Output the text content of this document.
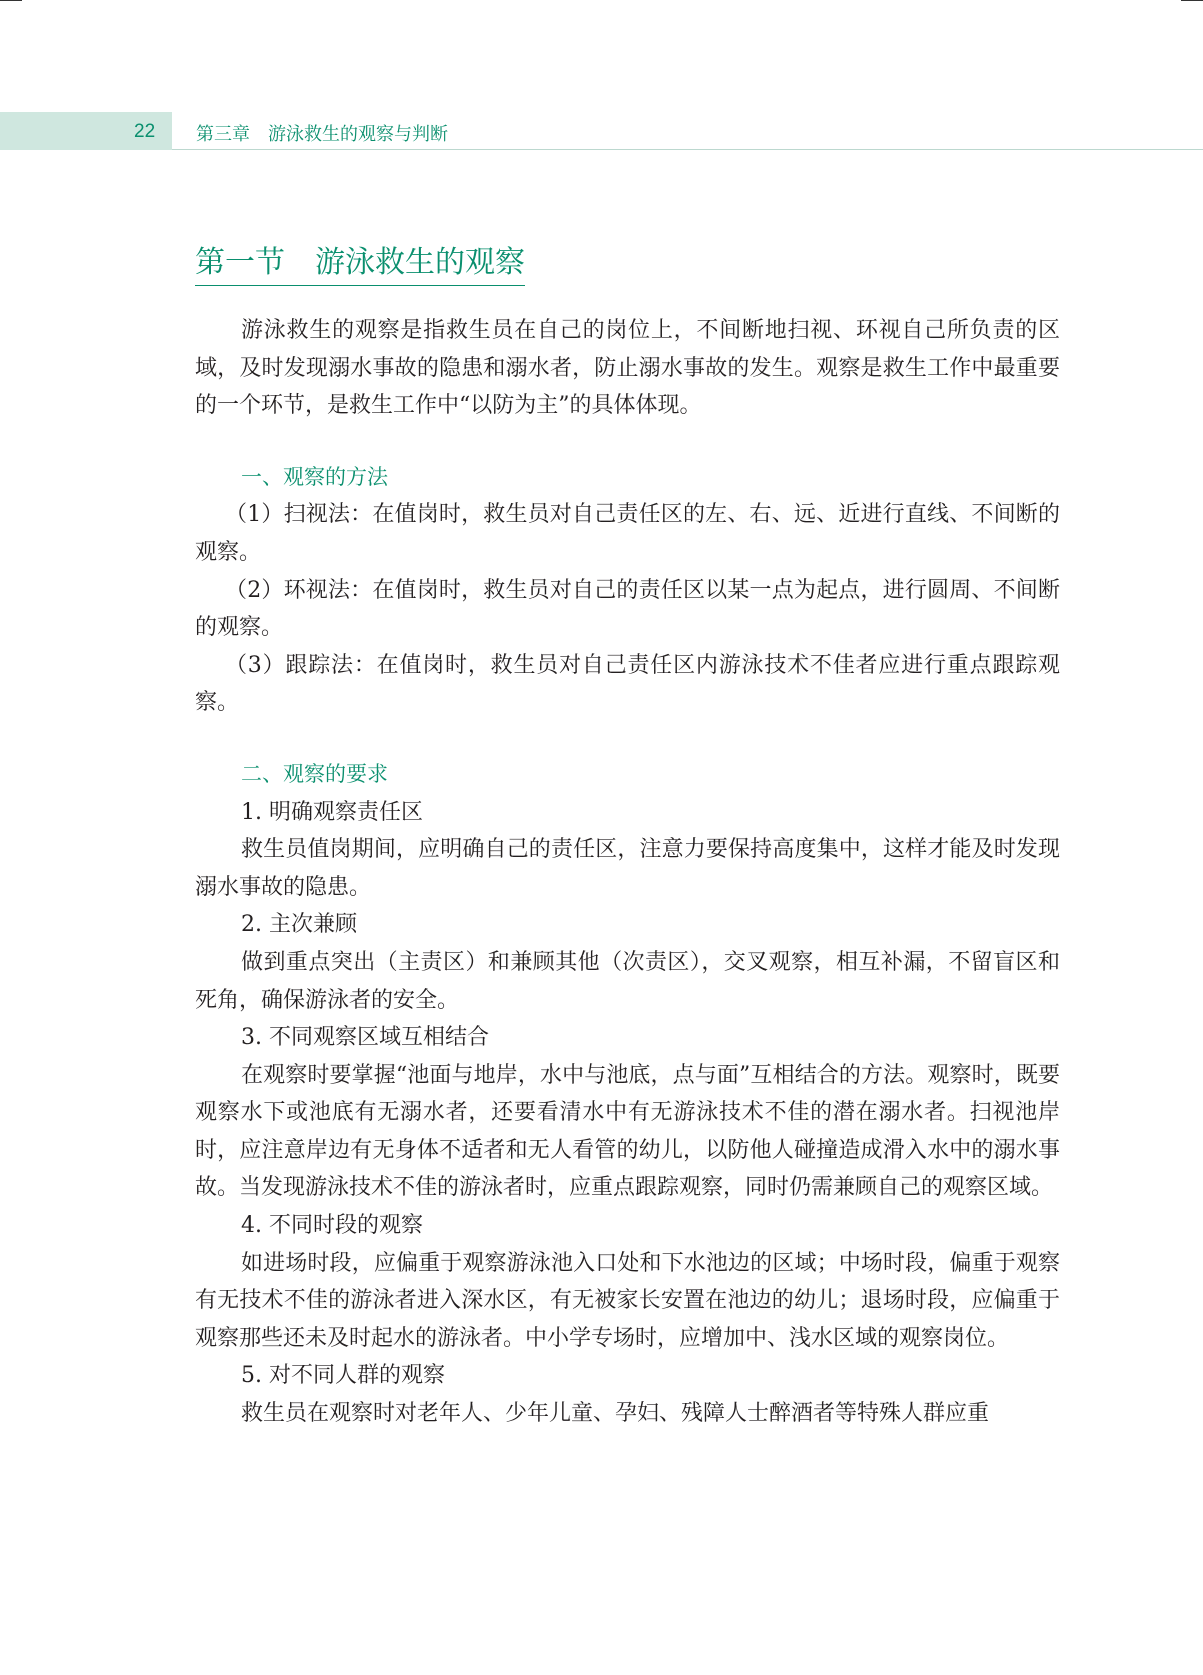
22 第三章　游泳救生的观察与判断
第一节　游泳救生的观察

游泳救生的观察是指救生员在自己的岗位上，不间断地扫视、环视自己所负责的区域，及时发现溺水事故的隐患和溺水者，防止溺水事故的发生。观察是救生工作中最重要的一个环节，是救生工作中“以防为主”的具体体现。

一、观察的方法

（1）扫视法：在值岗时，救生员对自己责任区的左、右、远、近进行直线、不间断的观察。

（2）环视法：在值岗时，救生员对自己的责任区以某一点为起点，进行圆周、不间断的观察。

（3）跟踪法：在值岗时，救生员对自己责任区内游泳技术不佳者应进行重点跟踪观察。

二、观察的要求

1. 明确观察责任区

救生员值岗期间，应明确自己的责任区，注意力要保持高度集中，这样才能及时发现溺水事故的隐患。

2. 主次兼顾

做到重点突出（主责区）和兼顾其他（次责区），交叉观察，相互补漏，不留盲区和死角，确保游泳者的安全。

3. 不同观察区域互相结合

在观察时要掌握“池面与地岸，水中与池底，点与面”互相结合的方法。观察时，既要观察水下或池底有无溺水者，还要看清水中有无游泳技术不佳的潜在溺水者。扫视池岸时，应注意岸边有无身体不适者和无人看管的幼儿，以防他人碰撞造成滑入水中的溺水事故。当发现游泳技术不佳的游泳者时，应重点跟踪观察，同时仍需兼顾自己的观察区域。

4. 不同时段的观察

如进场时段，应偏重于观察游泳池入口处和下水池边的区域；中场时段，偏重于观察有无技术不佳的游泳者进入深水区，有无被家长安置在池边的幼儿；退场时段，应偏重于观察那些还未及时起水的游泳者。中小学专场时，应增加中、浅水区域的观察岗位。

5. 对不同人群的观察

救生员在观察时对老年人、少年儿童、孕妇、残障人士醉酒者等特殊人群应重
